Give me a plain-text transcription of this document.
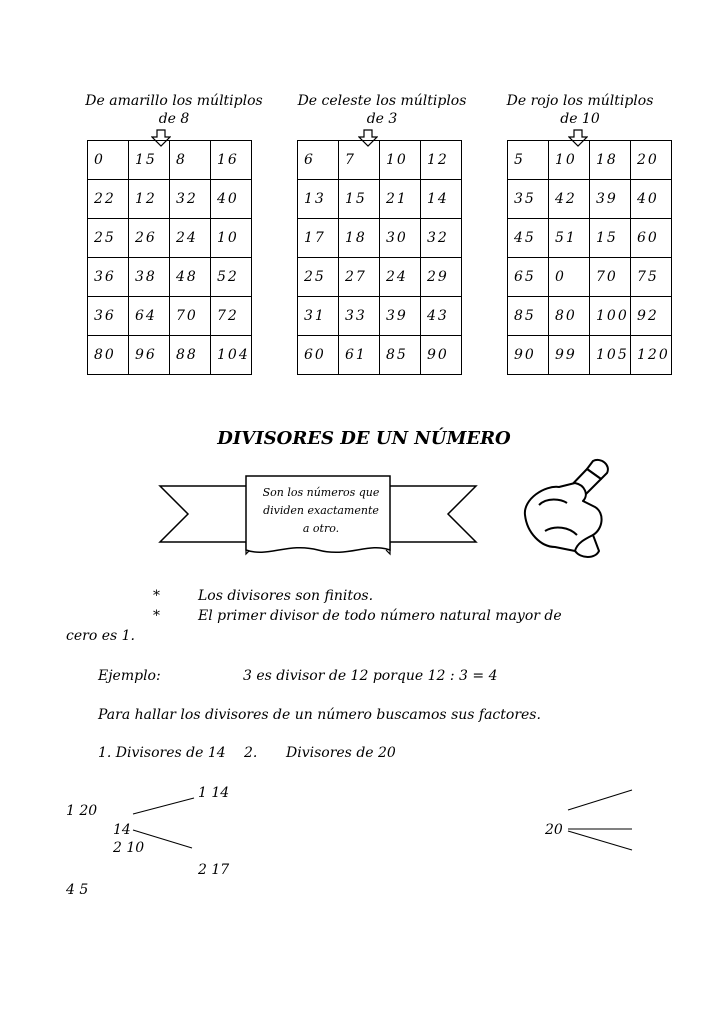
De amarillo los múltiplos
de 8
De celeste los múltiplos
de 3
De rojo los múltiplos
de 10
0	15	8	16
22	12	32	40
25	26	24	10
36	38	48	52
36	64	70	72
80	96	88	104
6	7	10	12
13	15	21	14
17	18	30	32
25	27	24	29
31	33	39	43
60	61	85	90
5	10	18	20
35	42	39	40
45	51	15	60
65	0	70	75
85	80	100	92
90	99	105	120
DIVISORES DE UN NÚMERO
Son los números que
dividen exactamente
a otro.
*	Los divisores son finitos.
*	El primer divisor de todo número natural mayor de
cero es 1.
Ejemplo:	3 es divisor de 12 porque 12 : 3 = 4
Para hallar los divisores de un número buscamos sus factores.
1. Divisores de 14 2. Divisores de 20
1 14
1 20
14
2 10
2 17
4 5
20
